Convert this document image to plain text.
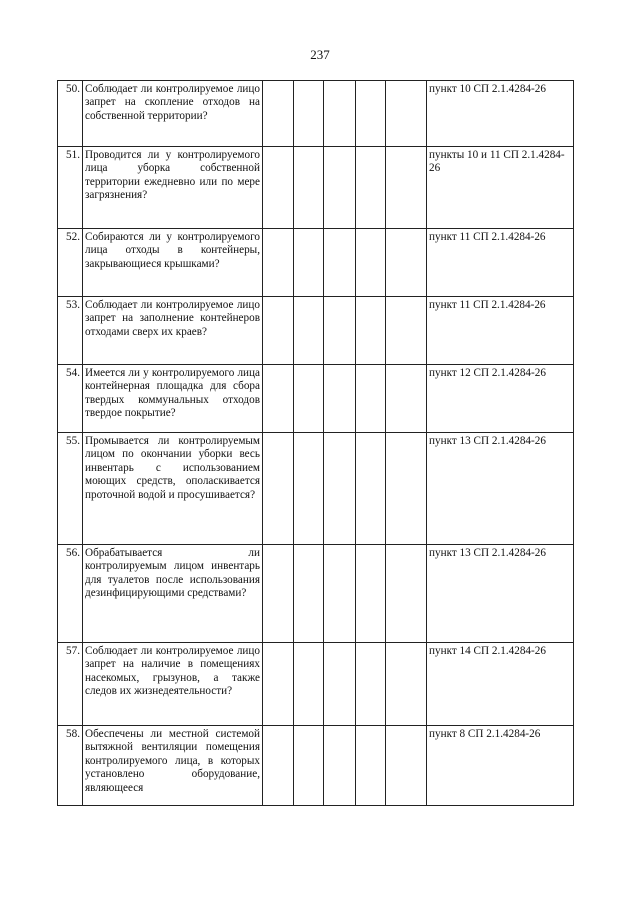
237
50.	Соблюдает ли контролируемое лицо запрет на скопление отходов на собственной территории?						пункт 10 СП 2.1.4284-26
51.	Проводится ли у контролируемого лица уборка собственной территории ежедневно или по мере загрязнения?						пункты 10 и 11 СП 2.1.4284-26
52.	Собираются ли у контролируемого лица отходы в контейнеры, закрывающиеся крышками?						пункт 11 СП 2.1.4284-26
53.	Соблюдает ли контролируемое лицо запрет на заполнение контейнеров отходами сверх их краев?						пункт 11 СП 2.1.4284-26
54.	Имеется ли у контролируемого лица контейнерная площадка для сбора твердых коммунальных отходов твердое покрытие?						пункт 12 СП 2.1.4284-26
55.	Промывается ли контролируемым лицом по окончании уборки весь инвентарь с использованием моющих средств, ополаскивается проточной водой и просушивается?						пункт 13 СП 2.1.4284-26
56.	Обрабатывается ли контролируемым лицом инвентарь для туалетов после использования дезинфицирующими средствами?						пункт 13 СП 2.1.4284-26
57.	Соблюдает ли контролируемое лицо запрет на наличие в помещениях насекомых, грызунов, а также следов их жизнедеятельности?						пункт 14 СП 2.1.4284-26
58.	Обеспечены ли местной системой вытяжной вентиляции помещения контролируемого лица, в которых установлено оборудование, являющееся						пункт 8 СП 2.1.4284-26
